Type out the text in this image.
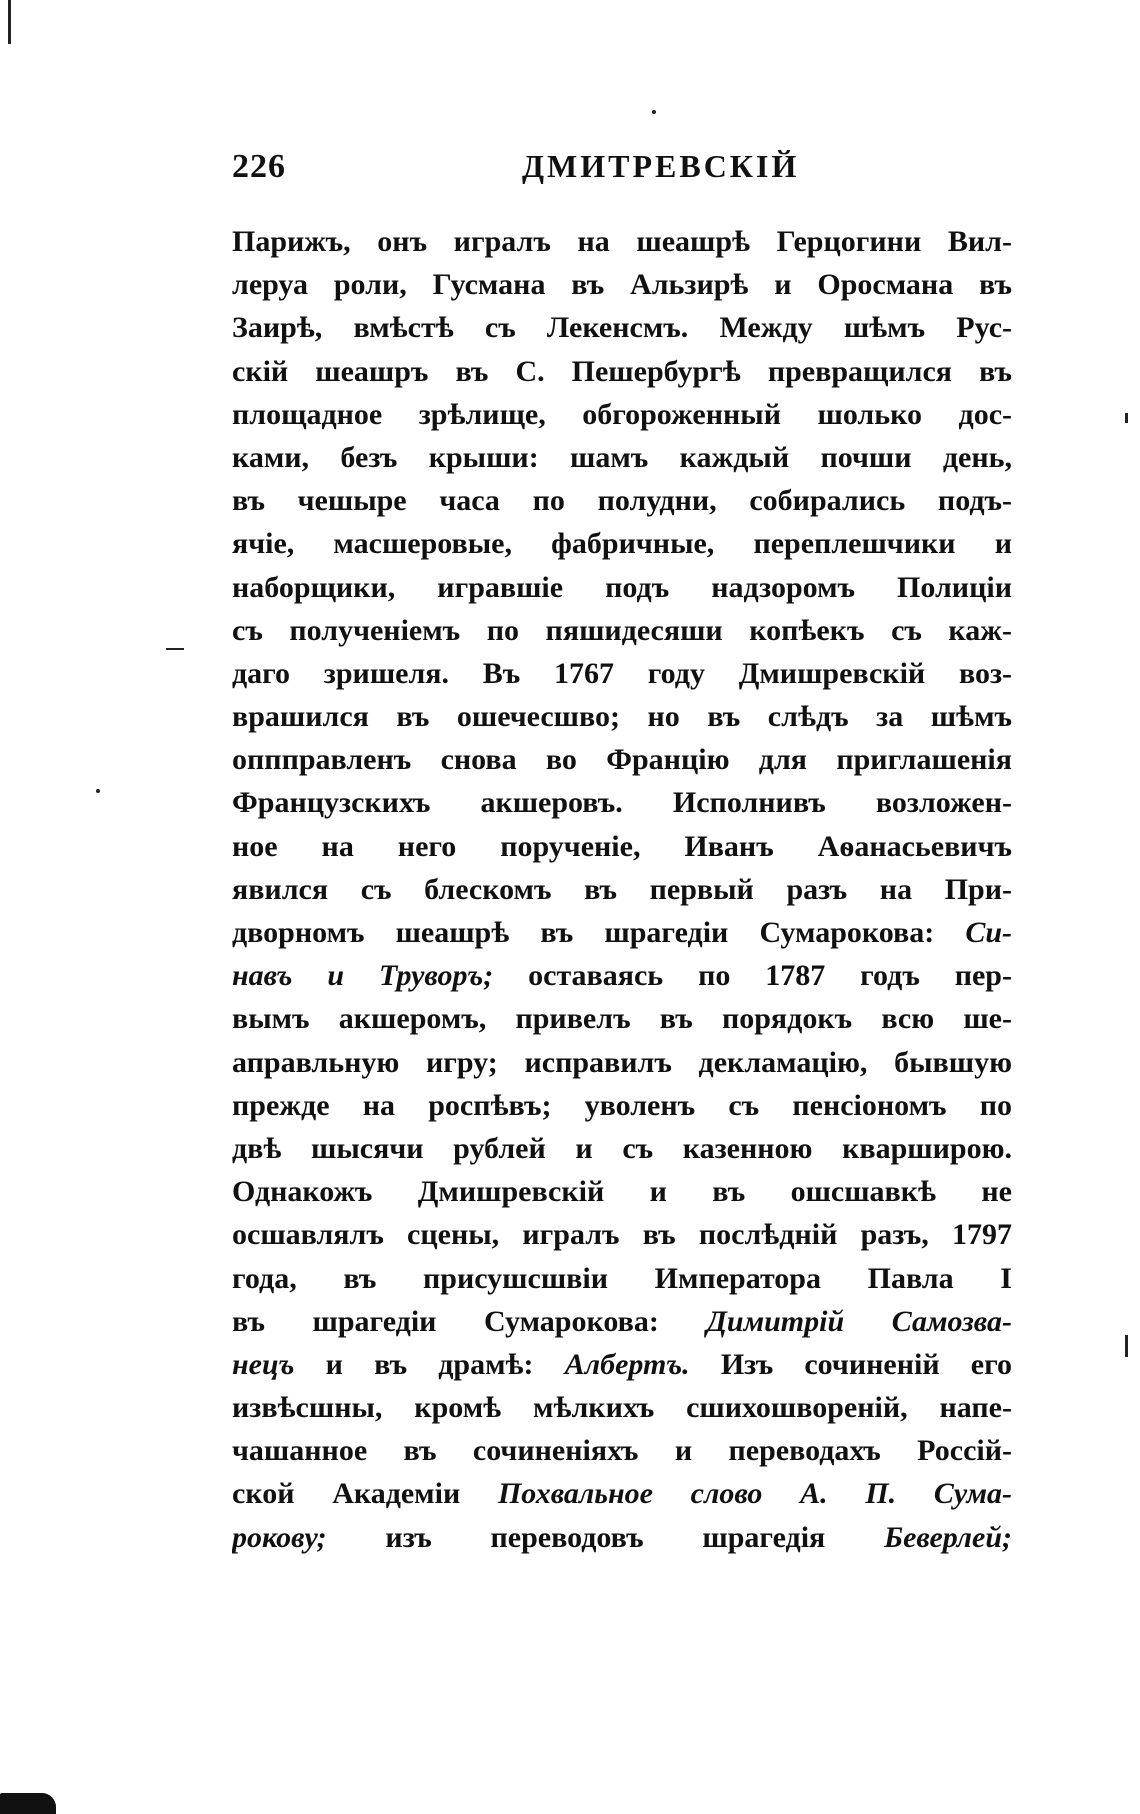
226	ДМИТРЕВСКІЙ
Парижъ, онъ игралъ на шеашрѣ Герцогини Вил-
леруа роли, Гусмана въ Альзирѣ и Оросмана въ
Заирѣ, вмѣстѣ съ Лекенсмъ. Между шѣмъ Рус-
скій шеашръ въ С. Пешербургѣ превращился въ
площадное зрѣлище, обгороженный шолько дос-
ками, безъ крыши: шамъ каждый почши день,
въ чешыре часа по полудни, собирались подъ-
ячіе, масшеровые, фабричные, переплешчики и
наборщики, игравшіе подъ надзоромъ Полиціи
съ полученіемъ по пяшидесяши копѣекъ съ каж-
даго зришеля. Въ 1767 году Дмишревскій воз-
врашился въ ошечесшво; но въ слѣдъ за шѣмъ
оппправленъ снова во Францію для приглашенія
Французскихъ акшеровъ. Исполнивъ возложен-
ное на него порученіе, Иванъ Аѳанасьевичъ
явился съ блескомъ въ первый разъ на При-
дворномъ шеашрѣ въ шрагедіи Сумарокова: Си-
навъ и Труворъ; оставаясь по 1787 годъ пер-
вымъ акшеромъ, привелъ въ порядокъ всю ше-
аправльную игру; исправилъ декламацію, бывшую
прежде на роспѣвъ; уволенъ съ пенсіономъ по
двѣ шысячи рублей и съ казенною кварширою.
Однакожъ Дмишревскій и въ ошсшавкѣ не
осшавлялъ сцены, игралъ въ послѣдній разъ, 1797
года, въ присушсшвіи Императора Павла I
въ шрагедіи Сумарокова: Димитрій Самозва-
нецъ и въ драмѣ: Албертъ. Изъ сочиненій его
извѣсшны, кромѣ мѣлкихъ сшихошвореній, напе-
чашанное въ сочиненіяхъ и переводахъ Россій-
ской Академіи Похвальное слово А. П. Сума-
рокову; изъ переводовъ шрагедія Беверлей;
